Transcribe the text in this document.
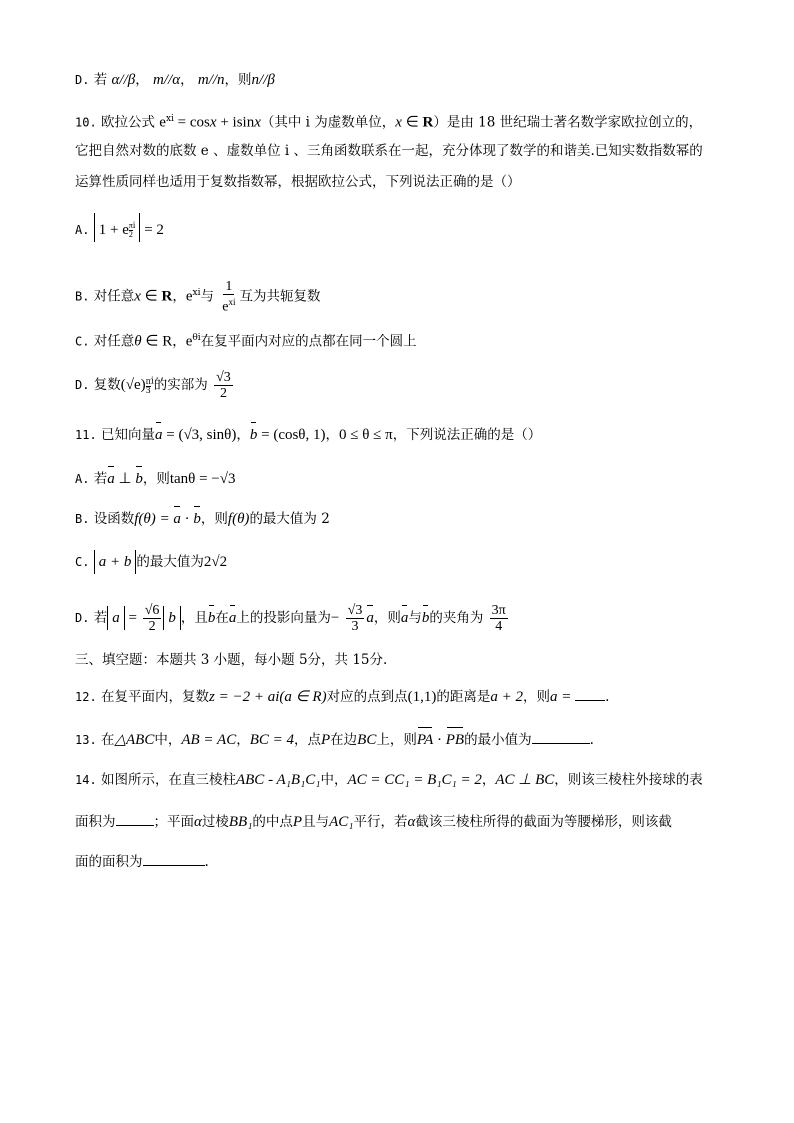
D. 若 α//β， m//α， m//n，则n//β
10. 欧拉公式 $e^{xi} = \cos x + isinx$（其中 i 为虚数单位，x ∈ R）是由 18 世纪瑞士著名数学家欧拉创立的，
它把自然对数的底数 e 、虚数单位 i 、三角函数联系在一起，充分体现了数学的和谐美.已知实数指数幂的
运算性质同样也适用于复数指数幂，根据欧拉公式，下列说法正确的是（）
A. 1 + e $\frac{\pi}{2} ^i = 2$
B. 对任意x ∈ R，$e^{xi}$与 $\frac{1}{e^{xi}}$ 互为共轭复数
C. 对任意θ ∈ R，$e^{\theta i}$在复平面内对应的点都在同一个圆上
D. 复数$(√e) \frac{\pi}{3} ^i$的实部为 $\frac{√3}{2}$
11. 已知向量a = (√3, sinθ)，b = (cosθ, 1)，0 ≤ θ ≤ π，下列说法正确的是（）
A. 若a ⊥ b，则tanθ = −√3
B. 设函数f(θ) = a · b，则f(θ)的最大值为 2
C. a + b 的最大值为2√2
D. 若 $a = \frac{√6}{2}$ b ，且b在a上的投影向量为− $\frac{√3}{3}$ a，则a与b的夹角为 $\frac{3\pi}{4}$
三、填空题：本题共 3 小题，每小题 5分，共 15分.
12. 在复平面内，复数z = −2 + ai(a ∈ R)对应的点到点(1,1)的距离是a + 2，则a = .
13. 在△ABC中，AB = AC，BC = 4，点P在边BC上，则PA · PB的最小值为	.
14. 如图所示，在直三棱柱ABC - A₁B₁C₁中，AC = CC₁ = B₁C₁ = 2，AC ⊥ BC，则该三棱柱外接球的表
面积为	；平面α过棱BB₁的中点P且与AC₁平行，若α截该三棱柱所得的截面为等腰梯形，则该截
面的面积为	.
